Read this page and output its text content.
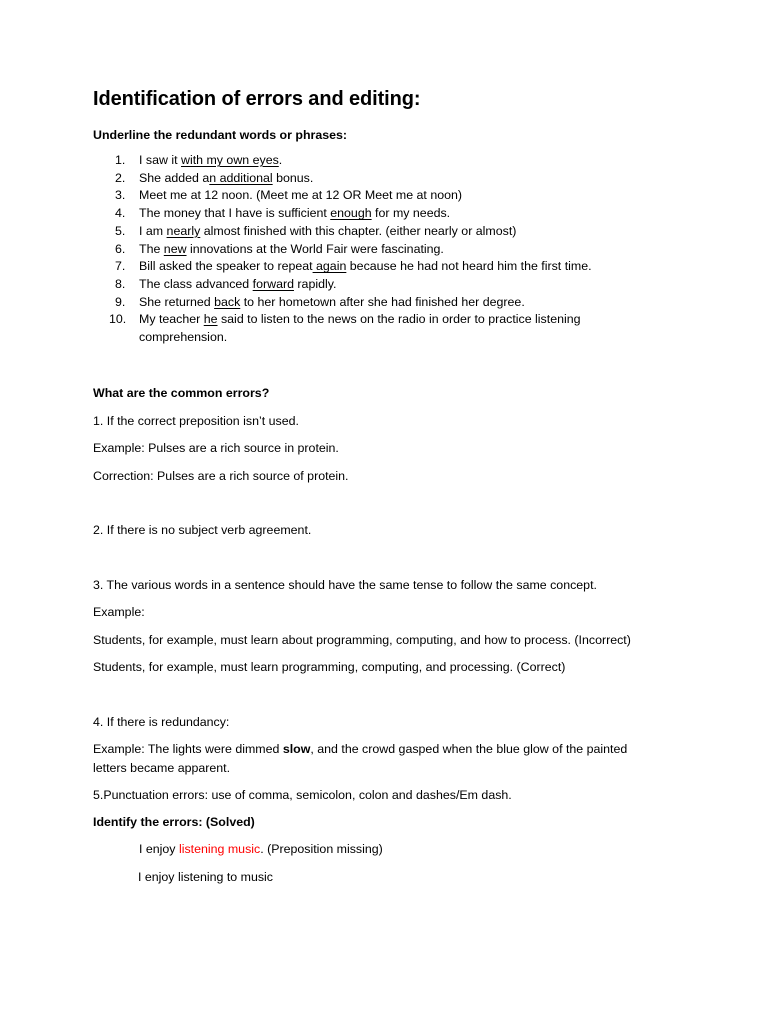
Identification of errors and editing:
Underline the redundant words or phrases:
1.	I saw it with my own eyes.
2.	She added an additional bonus.
3.	Meet me at 12 noon. (Meet me at 12 OR Meet me at noon)
4.	The money that I have is sufficient enough for my needs.
5.	I am nearly almost finished with this chapter. (either nearly or almost)
6.	The new innovations at the World Fair were fascinating.
7.	Bill asked the speaker to repeat again because he had not heard him the first time.
8.	The class advanced forward rapidly.
9.	She returned back to her hometown after she had finished her degree.
10. My teacher he said to listen to the news on the radio in order to practice listening
comprehension.
What are the common errors?
1. If the correct preposition isn’t used.
Example: Pulses are a rich source in protein.
Correction: Pulses are a rich source of protein.
2. If there is no subject verb agreement.
3. The various words in a sentence should have the same tense to follow the same concept.
Example:
Students, for example, must learn about programming, computing, and how to process. (Incorrect)
Students, for example, must learn programming, computing, and processing. (Correct)
4. If there is redundancy:
Example: The lights were dimmed slow, and the crowd gasped when the blue glow of the painted
letters became apparent.
5.Punctuation errors: use of comma, semicolon, colon and dashes/Em dash.
Identify the errors: (Solved)
I enjoy listening music. (Preposition missing)
I enjoy listening to music
